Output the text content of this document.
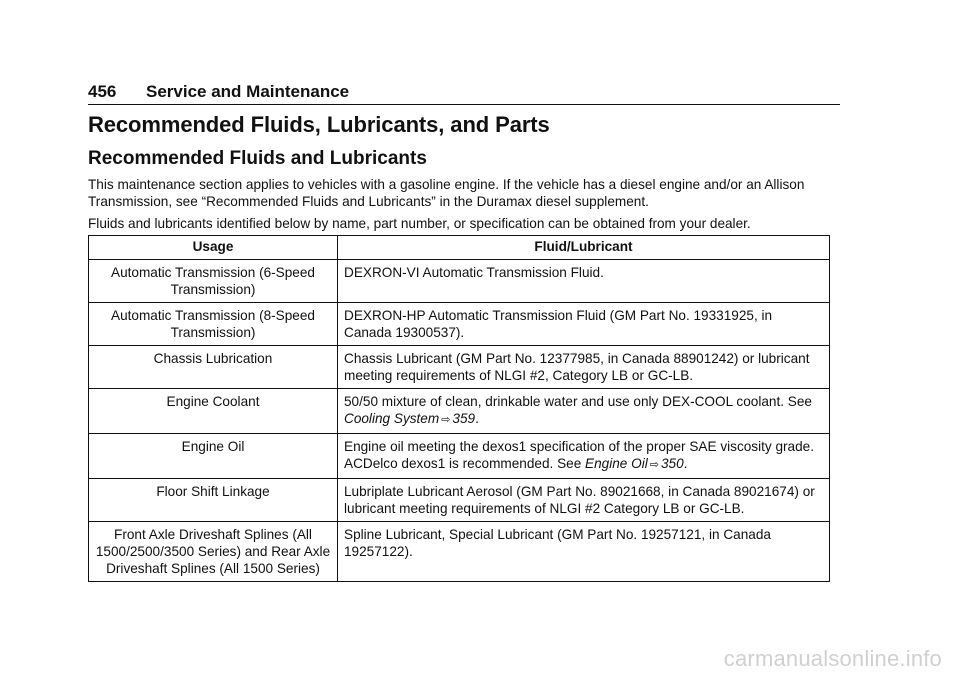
456 Service and Maintenance
Recommended Fluids, Lubricants, and Parts
Recommended Fluids and Lubricants

This maintenance section applies to vehicles with a gasoline engine. If the vehicle has a diesel engine and/or an Allison Transmission, see “Recommended Fluids and Lubricants” in the Duramax diesel supplement.

Fluids and lubricants identified below by name, part number, or specification can be obtained from your dealer.

Usage	Fluid/Lubricant
Automatic Transmission (6-Speed Transmission)	DEXRON-VI Automatic Transmission Fluid.
Automatic Transmission (8-Speed Transmission)	DEXRON-HP Automatic Transmission Fluid (GM Part No. 19331925, in Canada 19300537).
Chassis Lubrication	Chassis Lubricant (GM Part No. 12377985, in Canada 88901242) or lubricant meeting requirements of NLGI #2, Category LB or GC-LB.
Engine Coolant	50/50 mixture of clean, drinkable water and use only DEX-COOL coolant. See Cooling System ⇨ 359.
Engine Oil	Engine oil meeting the dexos1 specification of the proper SAE viscosity grade. ACDelco dexos1 is recommended. See Engine Oil ⇨ 350.
Floor Shift Linkage	Lubriplate Lubricant Aerosol (GM Part No. 89021668, in Canada 89021674) or lubricant meeting requirements of NLGI #2 Category LB or GC-LB.
Front Axle Driveshaft Splines (All 1500/2500/3500 Series) and Rear Axle Driveshaft Splines (All 1500 Series)	Spline Lubricant, Special Lubricant (GM Part No. 19257121, in Canada 19257122).
carmanualsonline.info
